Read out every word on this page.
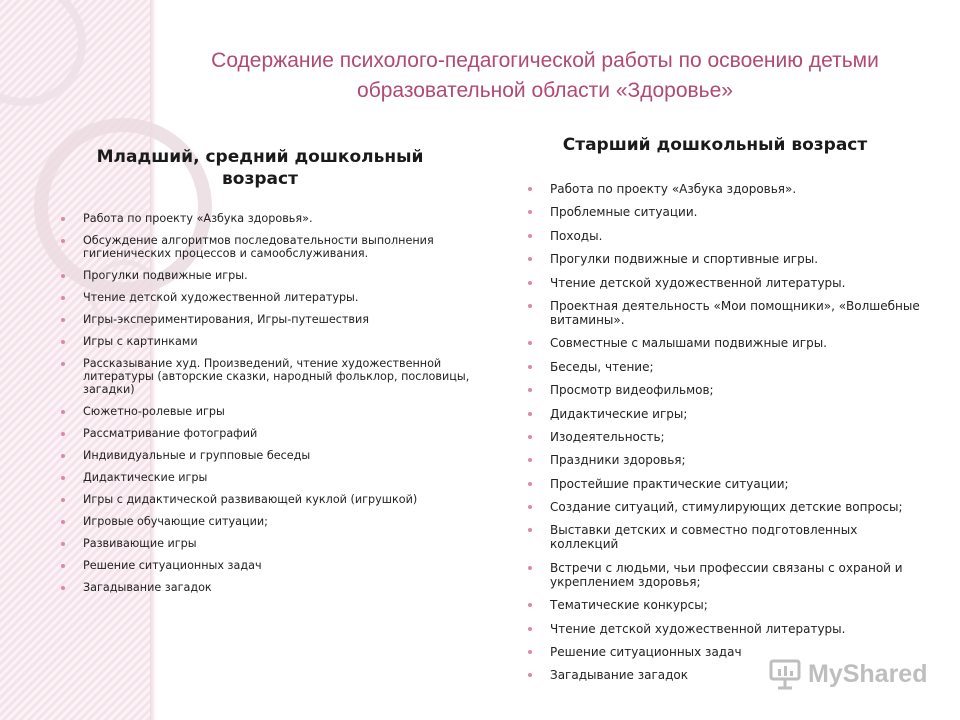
Содержание психолого-педагогической работы по освоению детьми
образовательной области «Здоровье»
Младший, средний дошкольный возраст
Старший дошкольный возраст
Работа по проекту «Азбука здоровья».
Обсуждение алгоритмов последовательности выполнения гигиенических процессов и самообслуживания.
Прогулки подвижные игры.
Чтение детской художественной литературы.
Игры-экспериментирования, Игры-путешествия
Игры с картинками
Рассказывание худ. Произведений, чтение художественной литературы (авторские сказки, народный фольклор, пословицы, загадки)
Сюжетно-ролевые игры
Рассматривание фотографий
Индивидуальные и групповые беседы
Дидактические игры
Игры с дидактической развивающей куклой (игрушкой)
Игровые обучающие ситуации;
Развивающие игры
Решение ситуационных задач
Загадывание загадок
Работа по проекту «Азбука здоровья».
Проблемные ситуации.
Походы.
Прогулки подвижные и спортивные игры.
Чтение детской художественной литературы.
Проектная деятельность «Мои помощники», «Волшебные витамины».
Совместные с малышами подвижные игры.
Беседы, чтение;
Просмотр видеофильмов;
Дидактические игры;
Изодеятельность;
Праздники здоровья;
Простейшие практические ситуации;
Создание ситуаций, стимулирующих детские вопросы;
Выставки детских и совместно подготовленных коллекций
Встречи с людьми, чьи профессии связаны с охраной и укреплением здоровья;
Тематические конкурсы;
Чтение детской художественной литературы.
Решение ситуационных задач
Загадывание загадок	MyShared
